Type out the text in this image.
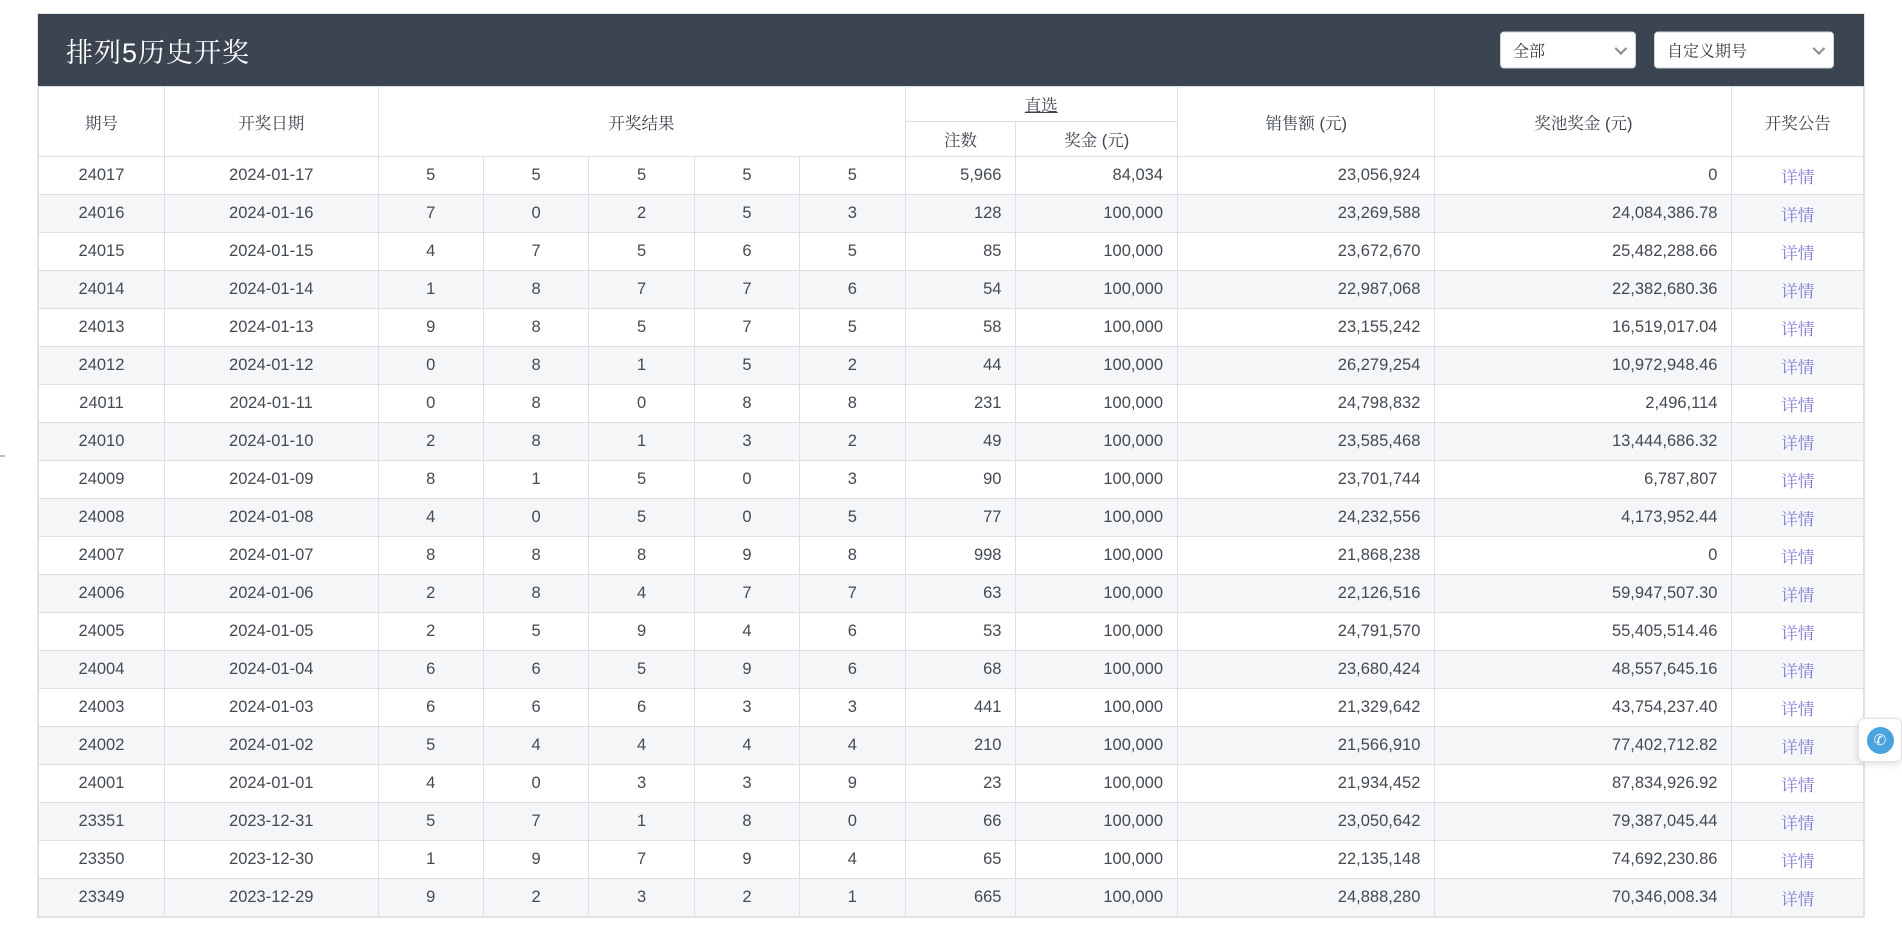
排列5历史开奖	全部	自定义期号
期号	开奖日期	开奖结果					直选		销售额 (元)	奖池奖金 (元)	开奖公告
							注数	奖金 (元)			
24017	2024-01-17	5	5	5	5	5	5,966	84,034	23,056,924	0	详情
24016	2024-01-16	7	0	2	5	3	128	100,000	23,269,588	24,084,386.78	详情
24015	2024-01-15	4	7	5	6	5	85	100,000	23,672,670	25,482,288.66	详情
24014	2024-01-14	1	8	7	7	6	54	100,000	22,987,068	22,382,680.36	详情
24013	2024-01-13	9	8	5	7	5	58	100,000	23,155,242	16,519,017.04	详情
24012	2024-01-12	0	8	1	5	2	44	100,000	26,279,254	10,972,948.46	详情
24011	2024-01-11	0	8	0	8	8	231	100,000	24,798,832	2,496,114	详情
24010	2024-01-10	2	8	1	3	2	49	100,000	23,585,468	13,444,686.32	详情
24009	2024-01-09	8	1	5	0	3	90	100,000	23,701,744	6,787,807	详情
24008	2024-01-08	4	0	5	0	5	77	100,000	24,232,556	4,173,952.44	详情
24007	2024-01-07	8	8	8	9	8	998	100,000	21,868,238	0	详情
24006	2024-01-06	2	8	4	7	7	63	100,000	22,126,516	59,947,507.30	详情
24005	2024-01-05	2	5	9	4	6	53	100,000	24,791,570	55,405,514.46	详情
24004	2024-01-04	6	6	5	9	6	68	100,000	23,680,424	48,557,645.16	详情
24003	2024-01-03	6	6	6	3	3	441	100,000	21,329,642	43,754,237.40	详情
24002	2024-01-02	5	4	4	4	4	210	100,000	21,566,910	77,402,712.82	详情
24001	2024-01-01	4	0	3	3	9	23	100,000	21,934,452	87,834,926.92	详情
23351	2023-12-31	5	7	1	8	0	66	100,000	23,050,642	79,387,045.44	详情
23350	2023-12-30	1	9	7	9	4	65	100,000	22,135,148	74,692,230.86	详情
23349	2023-12-29	9	2	3	2	1	665	100,000	24,888,280	70,346,008.34	详情
✆
